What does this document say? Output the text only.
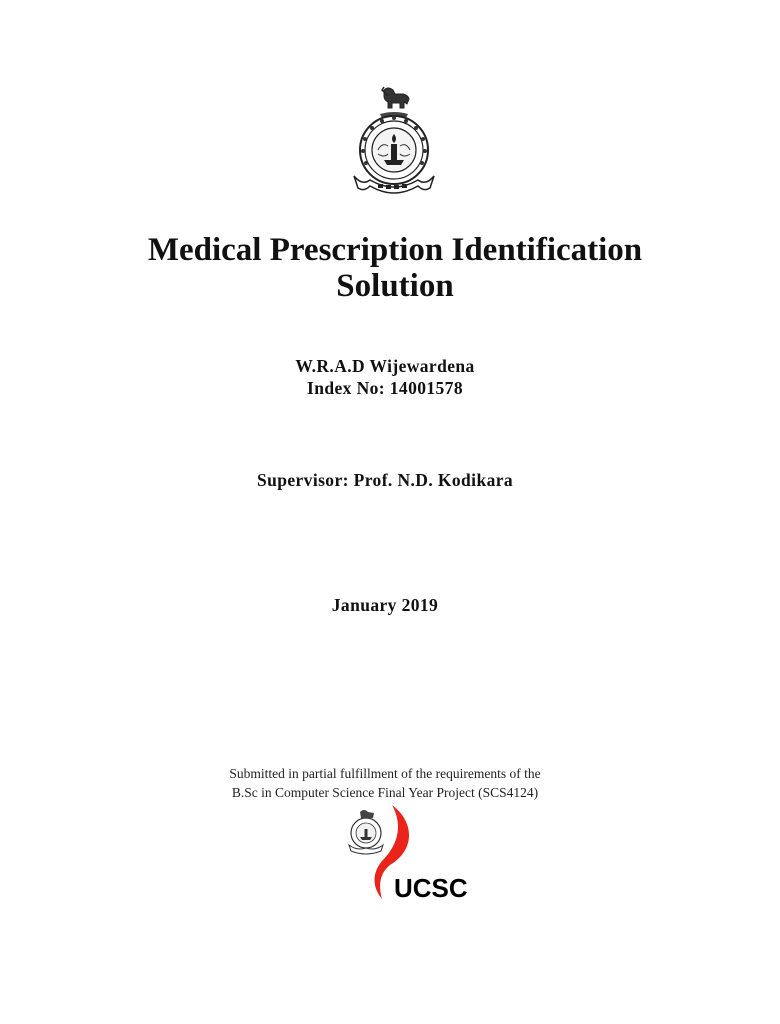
Medical Prescription Identification
Solution
W.R.A.D Wijewardena
Index No: 14001578
Supervisor: Prof. N.D. Kodikara
January 2019
Submitted in partial fulfillment of the requirements of the
B.Sc in Computer Science Final Year Project (SCS4124)
UCSC
